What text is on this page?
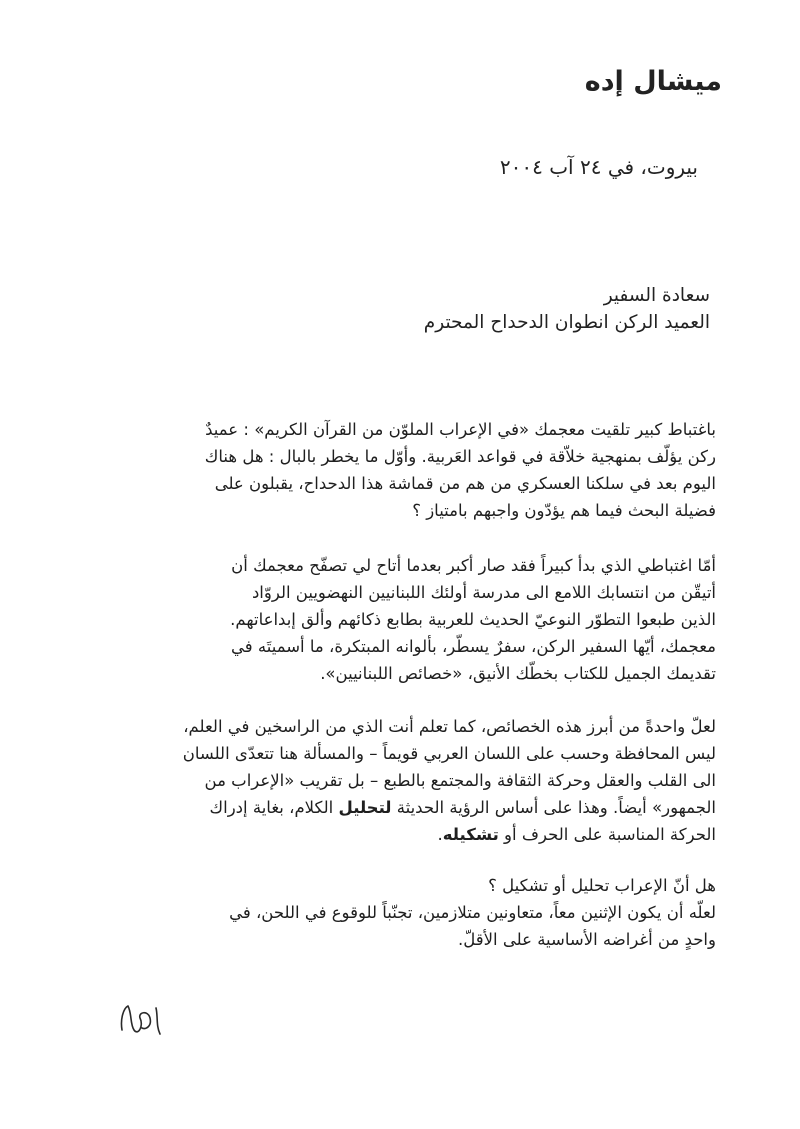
ميشال إده
بيروت، في ٢٤ آب ٢٠٠٤

سعادة السفير

العميد الركن انطوان الدحداح المحترم

باغتباط كبير تلقيت معجمك «في الإعراب الملوّن من القرآن الكريم» : عميدٌ
ركن يؤلّف بمنهجية خلاّقة في قواعد العَربية. وأوّل ما يخطر بالبال : هل هناك
اليوم بعد في سلكنا العسكري من هم من قماشة هذا الدحداح، يقبلون على
فضيلة البحث فيما هم يؤدّون واجبهم بامتياز ؟

أمّا اغتباطي الذي بدأ كبيراً فقد صار أكبر بعدما أتاح لي تصفّح معجمك أن
أتيقّن من انتسابك اللامع الى مدرسة أولئك اللبنانيين النهضويين الروّاد
الذين طبعوا التطوّر النوعيّ الحديث للعربية بطابع ذكائهم وألق إبداعاتهم.
معجمك، أيّها السفير الركن، سفرٌ يسطّر، بألوانه المبتكرة، ما أسميتَه في
تقديمك الجميل للكتاب بخطّك الأنيق، «خصائص اللبنانيين».

لعلّ واحدةً من أبرز هذه الخصائص، كما تعلم أنت الذي من الراسخين في العلم،
ليس المحافظة وحسب على اللسان العربي قويماً – والمسألة هنا تتعدّى اللسان
الى القلب والعقل وحركة الثقافة والمجتمع بالطبع – بل تقريب «الإعراب من
الجمهور» أيضاً. وهذا على أساس الرؤية الحديثة لتحليل الكلام، بغاية إدراك
الحركة المناسبة على الحرف أو تشكيله.

هل أنّ الإعراب تحليل أو تشكيل ؟
لعلّه أن يكون الإثنين معاً، متعاونين متلازمين، تجنّباً للوقوع في اللحن، في
واحدٍ من أغراضه الأساسية على الأقلّ.
